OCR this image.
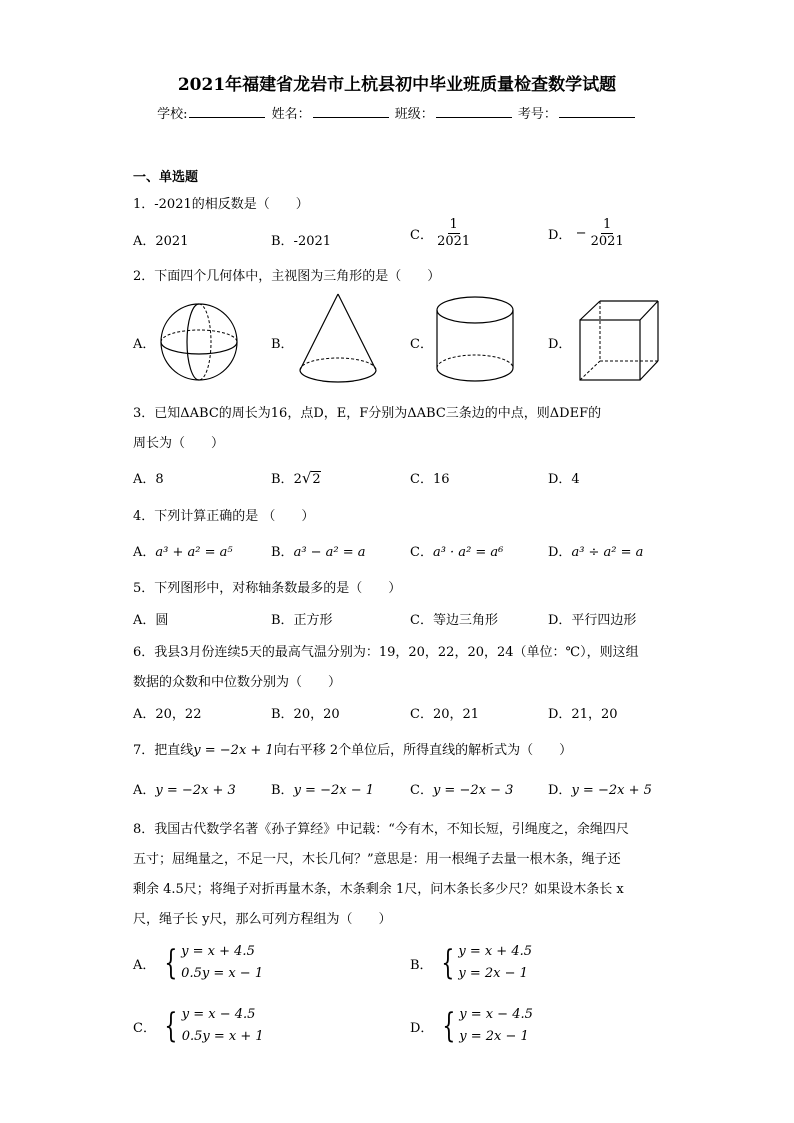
2021年福建省龙岩市上杭县初中毕业班质量检查数学试题
学校:	姓名：	班级：	考号：
一、单选题
1．-2021的相反数是（　　）
A．2021	B．-2021	C． $\frac{1}{2021}$	D． − $\frac{1}{2021}$
2．下面四个几何体中，主视图为三角形的是（　　）
A．	B．	C．	D．
3．已知ΔABC的周长为16，点D，E，F分别为ΔABC三条边的中点，则ΔDEF的
周长为（　　）
A．8	B．2√2	C．16	D．4
4．下列计算正确的是 （　　）
A．a³ + a² = a⁵	B．a³ − a² = a	C．a³ · a² = a⁶	D．a³ ÷ a² = a
5．下列图形中，对称轴条数最多的是（　　）
A．圆	B．正方形	C．等边三角形	D．平行四边形
6．我县3月份连续5天的最高气温分别为：19，20，22，20，24（单位：℃），则这组
数据的众数和中位数分别为（　　）
A．20，22	B．20，20	C．20，21	D．21，20
7．把直线y = −2x + 1向右平移 2个单位后，所得直线的解析式为（　　）
A．y = −2x + 3	B．y = −2x − 1	C．y = −2x − 3	D．y = −2x + 5
8．我国古代数学名著《孙子算经》中记载：“今有木，不知长短，引绳度之，余绳四尺
五寸；屈绳量之，不足一尺，木长几何？”意思是：用一根绳子去量一根木条，绳子还
剩余 4.5尺；将绳子对折再量木条，木条剩余 1尺，问木条长多少尺？如果设木条长 x
尺，绳子长 y尺，那么可列方程组为（　　）
A． { y = x + 4.5
0.5y = x − 1
B． { y = x + 4.5
y = 2x − 1
C． { y = x − 4.5
0.5y = x + 1
D． { y = x − 4.5
y = 2x − 1
